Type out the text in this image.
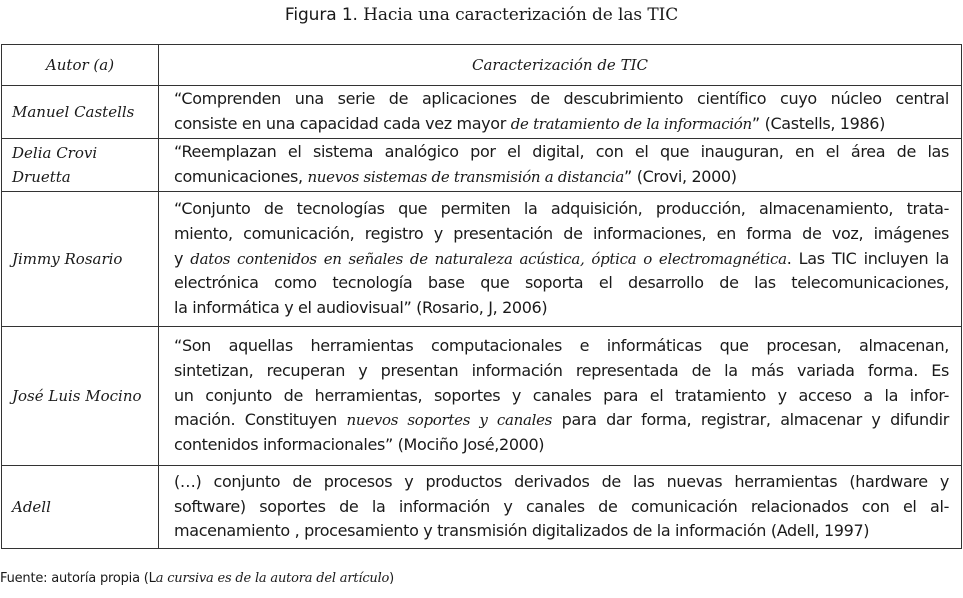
Figura 1. Hacia una caracterización de las TIC
Autor (a)	Caracterización de TIC
Manuel Castells	“Comprenden una serie de aplicaciones de descubrimiento científico cuyo núcleo central
consiste en una capacidad cada vez mayor de tratamiento de la información” (Castells, 1986)

Delia Crovi
Druetta	“Reemplazan el sistema analógico por el digital, con el que inauguran, en el área de las
comunicaciones, nuevos sistemas de transmisión a distancia” (Crovi, 2000)

Jimmy Rosario	“Conjunto de tecnologías que permiten la adquisición, producción, almacenamiento, trata-
miento, comunicación, registro y presentación de informaciones, en forma de voz, imágenes
y datos contenidos en señales de naturaleza acústica, óptica o electromagnética. Las TIC incluyen la
electrónica como tecnología base que soporta el desarrollo de las telecomunicaciones,
la informática y el audiovisual” (Rosario, J, 2006)

José Luis Mocino	“Son aquellas herramientas computacionales e informáticas que procesan, almacenan,
sintetizan, recuperan y presentan información representada de la más variada forma. Es
un conjunto de herramientas, soportes y canales para el tratamiento y acceso a la infor-
mación. Constituyen nuevos soportes y canales para dar forma, registrar, almacenar y difundir
contenidos informacionales” (Mociño José,2000)

Adell	(…) conjunto de procesos y productos derivados de las nuevas herramientas (hardware y
software) soportes de la información y canales de comunicación relacionados con el al-
macenamiento , procesamiento y transmisión digitalizados de la información (Adell, 1997)
Fuente: autoría propia (La cursiva es de la autora del artículo)
